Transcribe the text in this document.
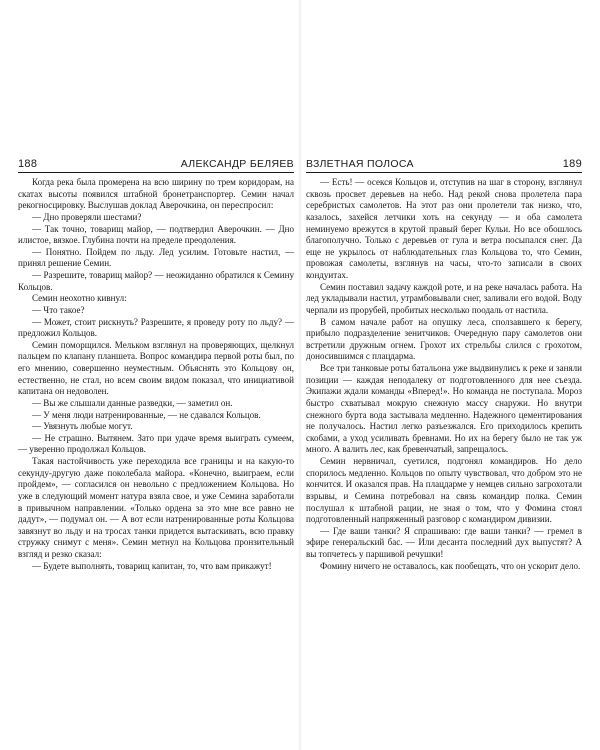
188	АЛЕКСАНДР БЕЛЯЕВ

Когда река была промерена на всю ширину по трем коридорам, на скатах высоты появился штабной бронетранспортер. Семин начал рекогносцировку. Выслушав доклад Аверочкина, он переспросил:

— Дно проверяли шестами?

— Так точно, товарищ майор, — подтвердил Аверочкин. — Дно илистое, вязкое. Глубина почти на пределе преодоления.

— Понятно. Пойдем по льду. Лед усилим. Готовьте настил, — принял решение Семин.

— Разрешите, товарищ майор? — неожиданно обратился к Семину Кольцов.

Семин неохотно кивнул:

— Что такое?

— Может, стоит рискнуть? Разрешите, я проведу роту по льду? — предложил Кольцов.

Семин поморщился. Мельком взглянул на проверяющих, щелкнул пальцем по клапану планшета. Вопрос командира первой роты был, по его мнению, совершенно неуместным. Объяснять это Кольцову он, естественно, не стал, но всем своим видом показал, что инициативой капитана он недоволен.

— Вы же слышали данные разведки, — заметил он.

— У меня люди натренированные, — не сдавался Кольцов.

— Увязнуть любые могут.

— Не страшно. Вытянем. Зато при удаче время выиграть сумеем, — уверенно продолжал Кольцов.

Такая настойчивость уже переходила все границы и на какую-то секунду-другую даже поколебала майора. «Конечно, выиграем, если пройдем», — согласился он невольно с предложением Кольцова. Но уже в следующий момент натура взяла свое, и уже Семина заработали в привычном направлении. «Только ордена за это мне все равно не дадут», — подумал он. — А вот если натренированные роты Кольцова завязнут во льду и на тросах танки придется вытаскивать, всю правку стружку снимут с меня». Семин метнул на Кольцова пронзительный взгляд и резко сказал:

— Будете выполнять, товарищ капитан, то, что вам прикажут!

ВЗЛЕТНАЯ ПОЛОСА	189

— Есть! — осекся Кольцов и, отступив на шаг в сторону, взглянул сквозь просвет деревьев на небо. Над рекой снова пролетела пара серебристых самолетов. На этот раз они пролетели так низко, что, казалось, захейся летчики хоть на секунду — и оба самолета неминуемо врежутся в крутой правый берег Кульи. Но все обошлось благополучно. Только с деревьев от гула и ветра посыпался снег. Да еще не укрылось от наблюдательных глаз Кольцова то, что Семин, провожая самолеты, взглянув на часы, что-то записали в своих кондуитах.

Семин поставил задачу каждой роте, и на реке началась работа. На лед укладывали настил, утрамбовывали снег, заливали его водой. Воду черпали из прорубей, пробитых несколько поодаль от настила.

В самом начале работ на опушку леса, сползавшего к берегу, прибыло подразделение зенитчиков. Очередную пару самолетов они встретили дружным огнем. Грохот их стрельбы слился с грохотом, доносившимся с плацдарма.

Все три танковые роты батальона уже выдвинулись к реке и заняли позиции — каждая неподалеку от подготовленного для нее съезда. Экипажи ждали команды «Вперед!». Но команда не поступала. Мороз быстро схватывал мокрую снежную массу снаружи. Но внутри снежного бурта вода застывала медленно. Надежного цементирования не получалось. Настил легко разъезжался. Его приходилось крепить скобами, а уход усиливать бревнами. Но их на берегу было не так уж много. А валить лес, как бревенчатый, запрещалось.

Семин нервничал, суетился, подгонял командиров. Но дело спорилось медленно. Кольцов по опыту чувствовал, что добром это не кончится. И оказался прав. На плацдарме у немцев сильно загрохотали взрывы, и Семина потребовал на связь командир полка. Семин послушал к штабной рации, не зная о том, что у Фомина стоял подготовленный напряженный разговор с командиром дивизии.

— Где ваши танки? Я спрашиваю: где ваши танки? — гремел в эфире генеральский бас. — Или десанта последний дух выпустят? А вы топчетесь у паршивой речушки!

Фомину ничего не оставалось, как пообещать, что он ускорит дело.
